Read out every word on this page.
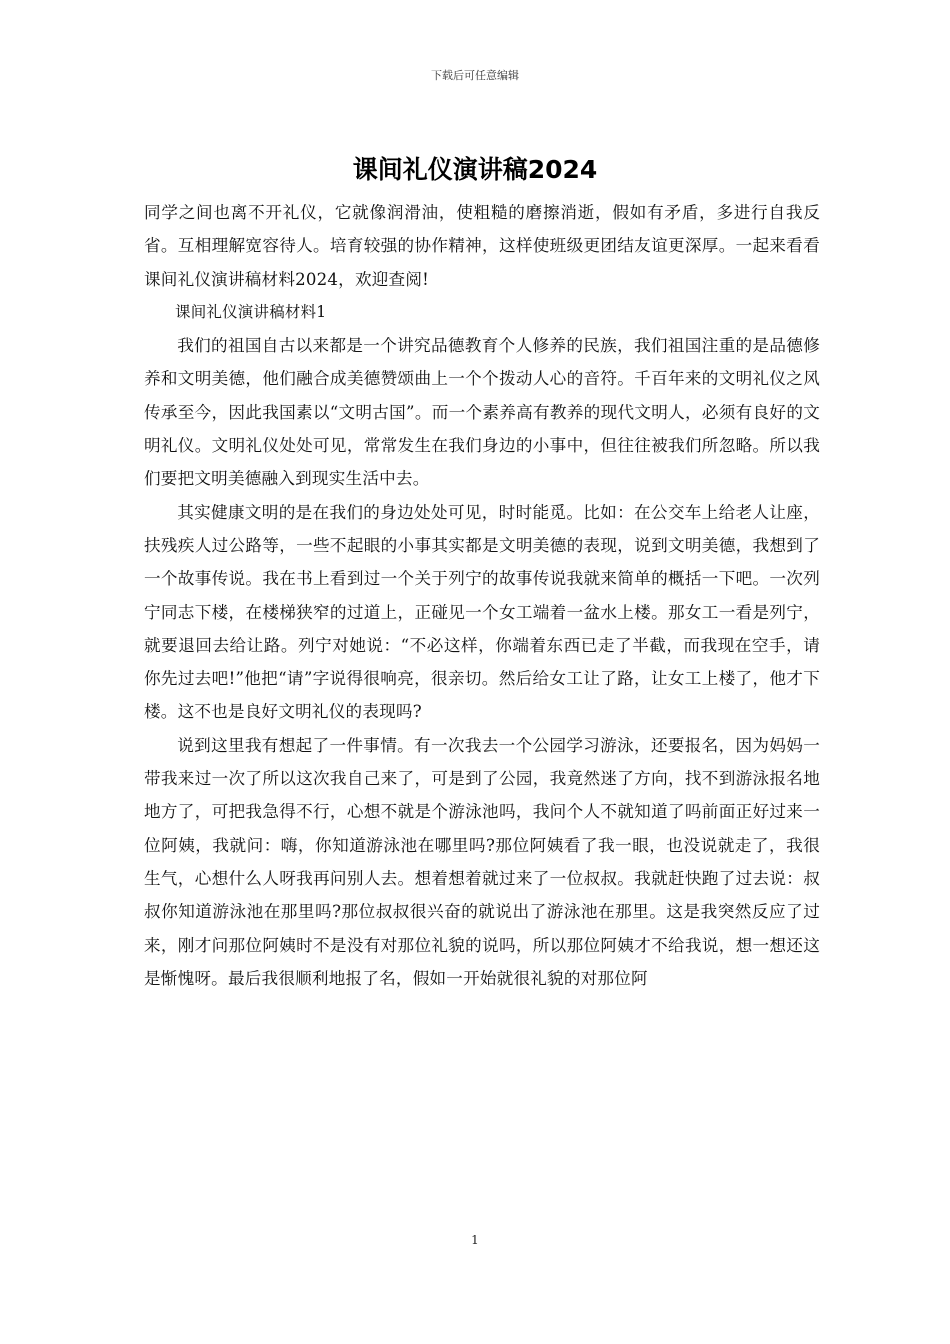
下载后可任意编辑
课间礼仪演讲稿2024

同学之间也离不开礼仪，它就像润滑油，使粗糙的磨擦消逝，假如有矛盾，多进行自我反省。互相理解宽容待人。培育较强的协作精神，这样使班级更团结友谊更深厚。一起来看看课间礼仪演讲稿材料2024，欢迎查阅!

课间礼仪演讲稿材料1

我们的祖国自古以来都是一个讲究品德教育个人修养的民族，我们祖国注重的是品德修养和文明美德，他们融合成美德赞颂曲上一个个拨动人心的音符。千百年来的文明礼仪之风传承至今，因此我国素以“文明古国”。而一个素养高有教养的现代文明人，必须有良好的文明礼仪。文明礼仪处处可见，常常发生在我们身边的小事中，但往往被我们所忽略。所以我们要把文明美德融入到现实生活中去。

其实健康文明的是在我们的身边处处可见，时时能觅。比如：在公交车上给老人让座，扶残疾人过公路等，一些不起眼的小事其实都是文明美德的表现，说到文明美德，我想到了一个故事传说。我在书上看到过一个关于列宁的故事传说我就来简单的概括一下吧。一次列宁同志下楼，在楼梯狭窄的过道上，正碰见一个女工端着一盆水上楼。那女工一看是列宁，就要退回去给让路。列宁对她说：“不必这样，你端着东西已走了半截，而我现在空手，请你先过去吧!”他把“请”字说得很响亮，很亲切。然后给女工让了路，让女工上楼了，他才下楼。这不也是良好文明礼仪的表现吗?

说到这里我有想起了一件事情。有一次我去一个公园学习游泳，还要报名，因为妈妈一带我来过一次了所以这次我自己来了，可是到了公园，我竟然迷了方向，找不到游泳报名地地方了，可把我急得不行，心想不就是个游泳池吗，我问个人不就知道了吗前面正好过来一位阿姨，我就问：嗨，你知道游泳池在哪里吗?那位阿姨看了我一眼，也没说就走了，我很生气，心想什么人呀我再问别人去。想着想着就过来了一位叔叔。我就赶快跑了过去说：叔叔你知道游泳池在那里吗?那位叔叔很兴奋的就说出了游泳池在那里。这是我突然反应了过来，刚才问那位阿姨时不是没有对那位礼貌的说吗，所以那位阿姨才不给我说，想一想还这是惭愧呀。最后我很顺利地报了名，假如一开始就很礼貌的对那位阿

1
